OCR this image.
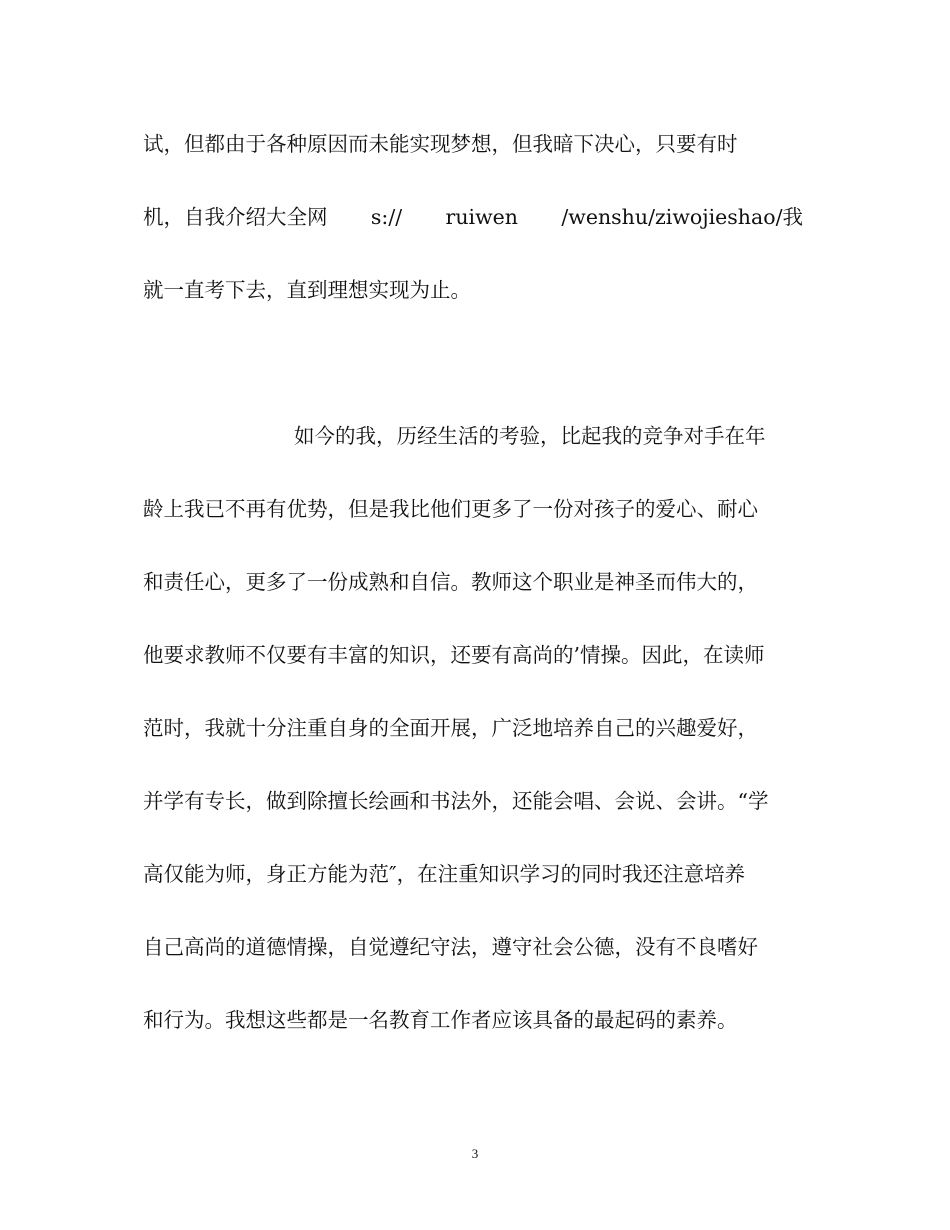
试，但都由于各种原因而未能实现梦想，但我暗下决心，只要有时
机，自我介绍大全网 s:// ruiwen /wenshu/ziwojieshao/我
就一直考下去，直到理想实现为止。
如今的我，历经生活的考验，比起我的竞争对手在年
龄上我已不再有优势，但是我比他们更多了一份对孩子的爱心、耐心
和责任心，更多了一份成熟和自信。教师这个职业是神圣而伟大的，
他要求教师不仅要有丰富的知识，还要有高尚的’情操。因此，在读师
范时，我就十分注重自身的全面开展，广泛地培养自己的兴趣爱好，
并学有专长，做到除擅长绘画和书法外，还能会唱、会说、会讲。“学
高仅能为师，身正方能为范″，在注重知识学习的同时我还注意培养
自己高尚的道德情操，自觉遵纪守法，遵守社会公德，没有不良嗜好
和行为。我想这些都是一名教育工作者应该具备的最起码的素养。
3
